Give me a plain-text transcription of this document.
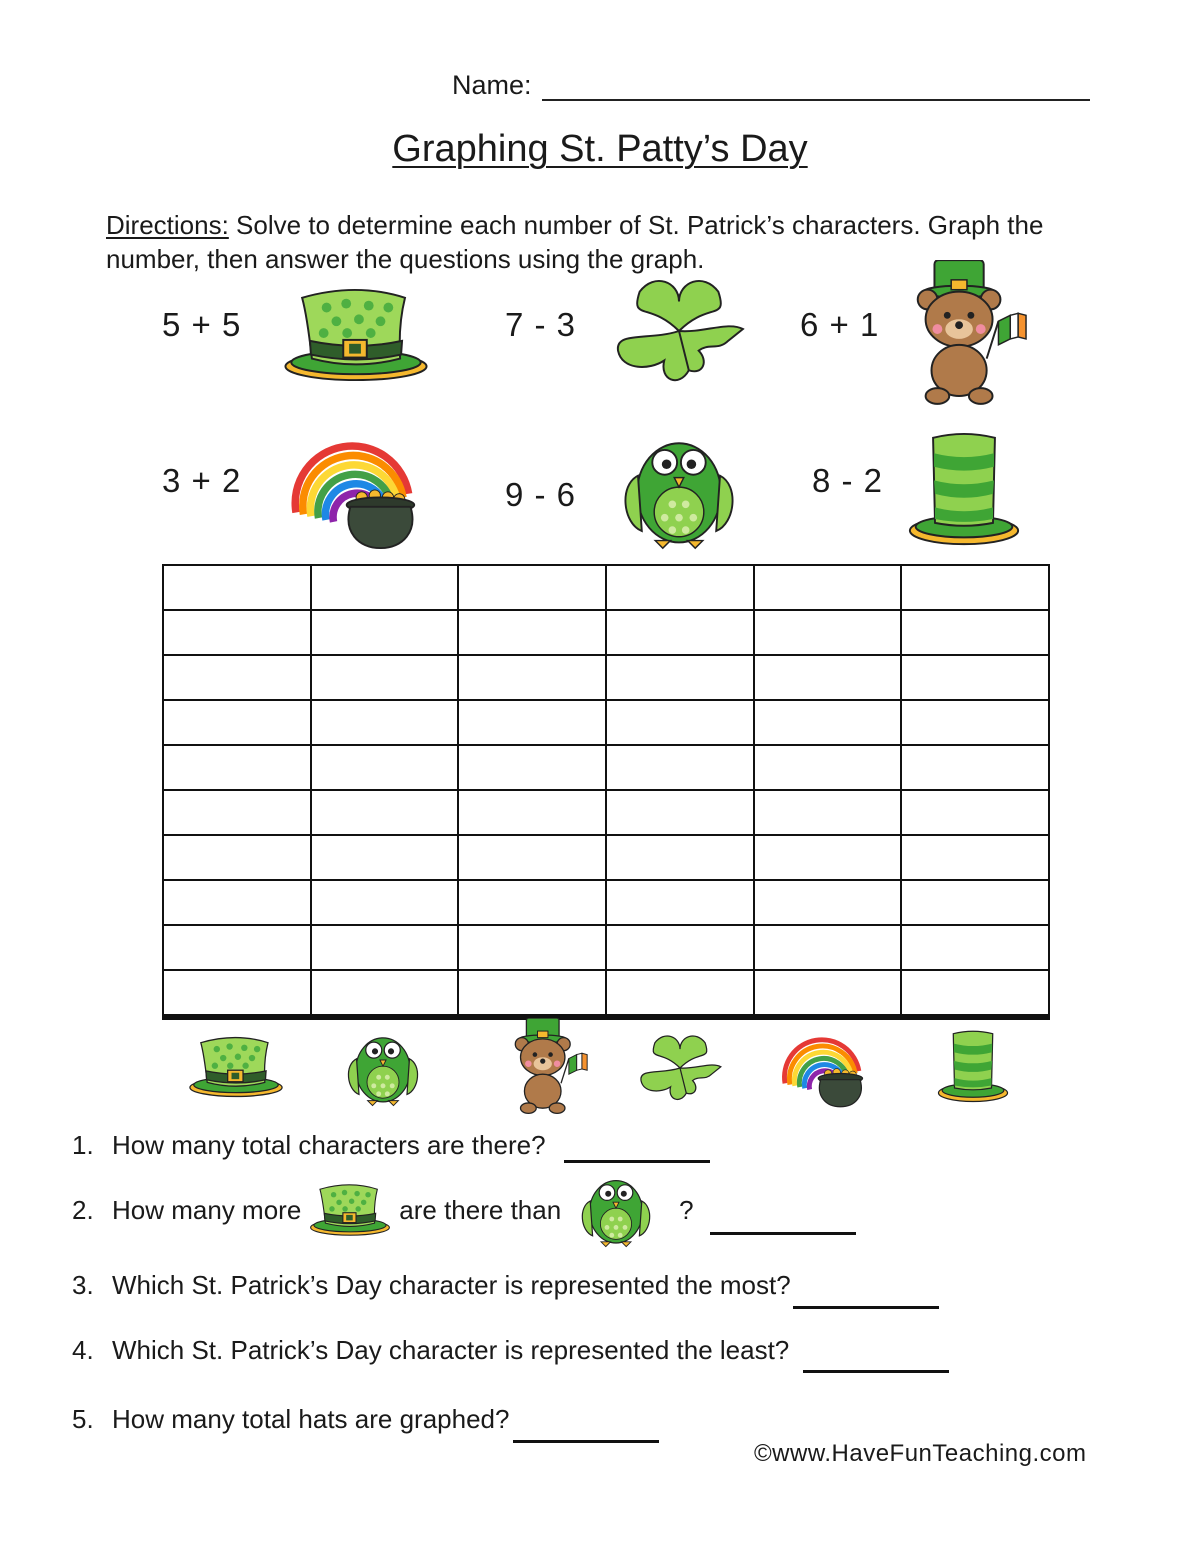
Name:
Graphing St. Patty’s Day
Directions: Solve to determine each number of St. Patrick’s characters. Graph the number, then answer the questions using the graph.
5 + 5	7 - 3	6 + 1
3 + 2	9 - 6	8 - 2

1. How many total characters are there?
2. How many more	are there than	?
3. Which St. Patrick’s Day character is represented the most?
4. Which St. Patrick’s Day character is represented the least?
5. How many total hats are graphed?
©www.HaveFunTeaching.com
